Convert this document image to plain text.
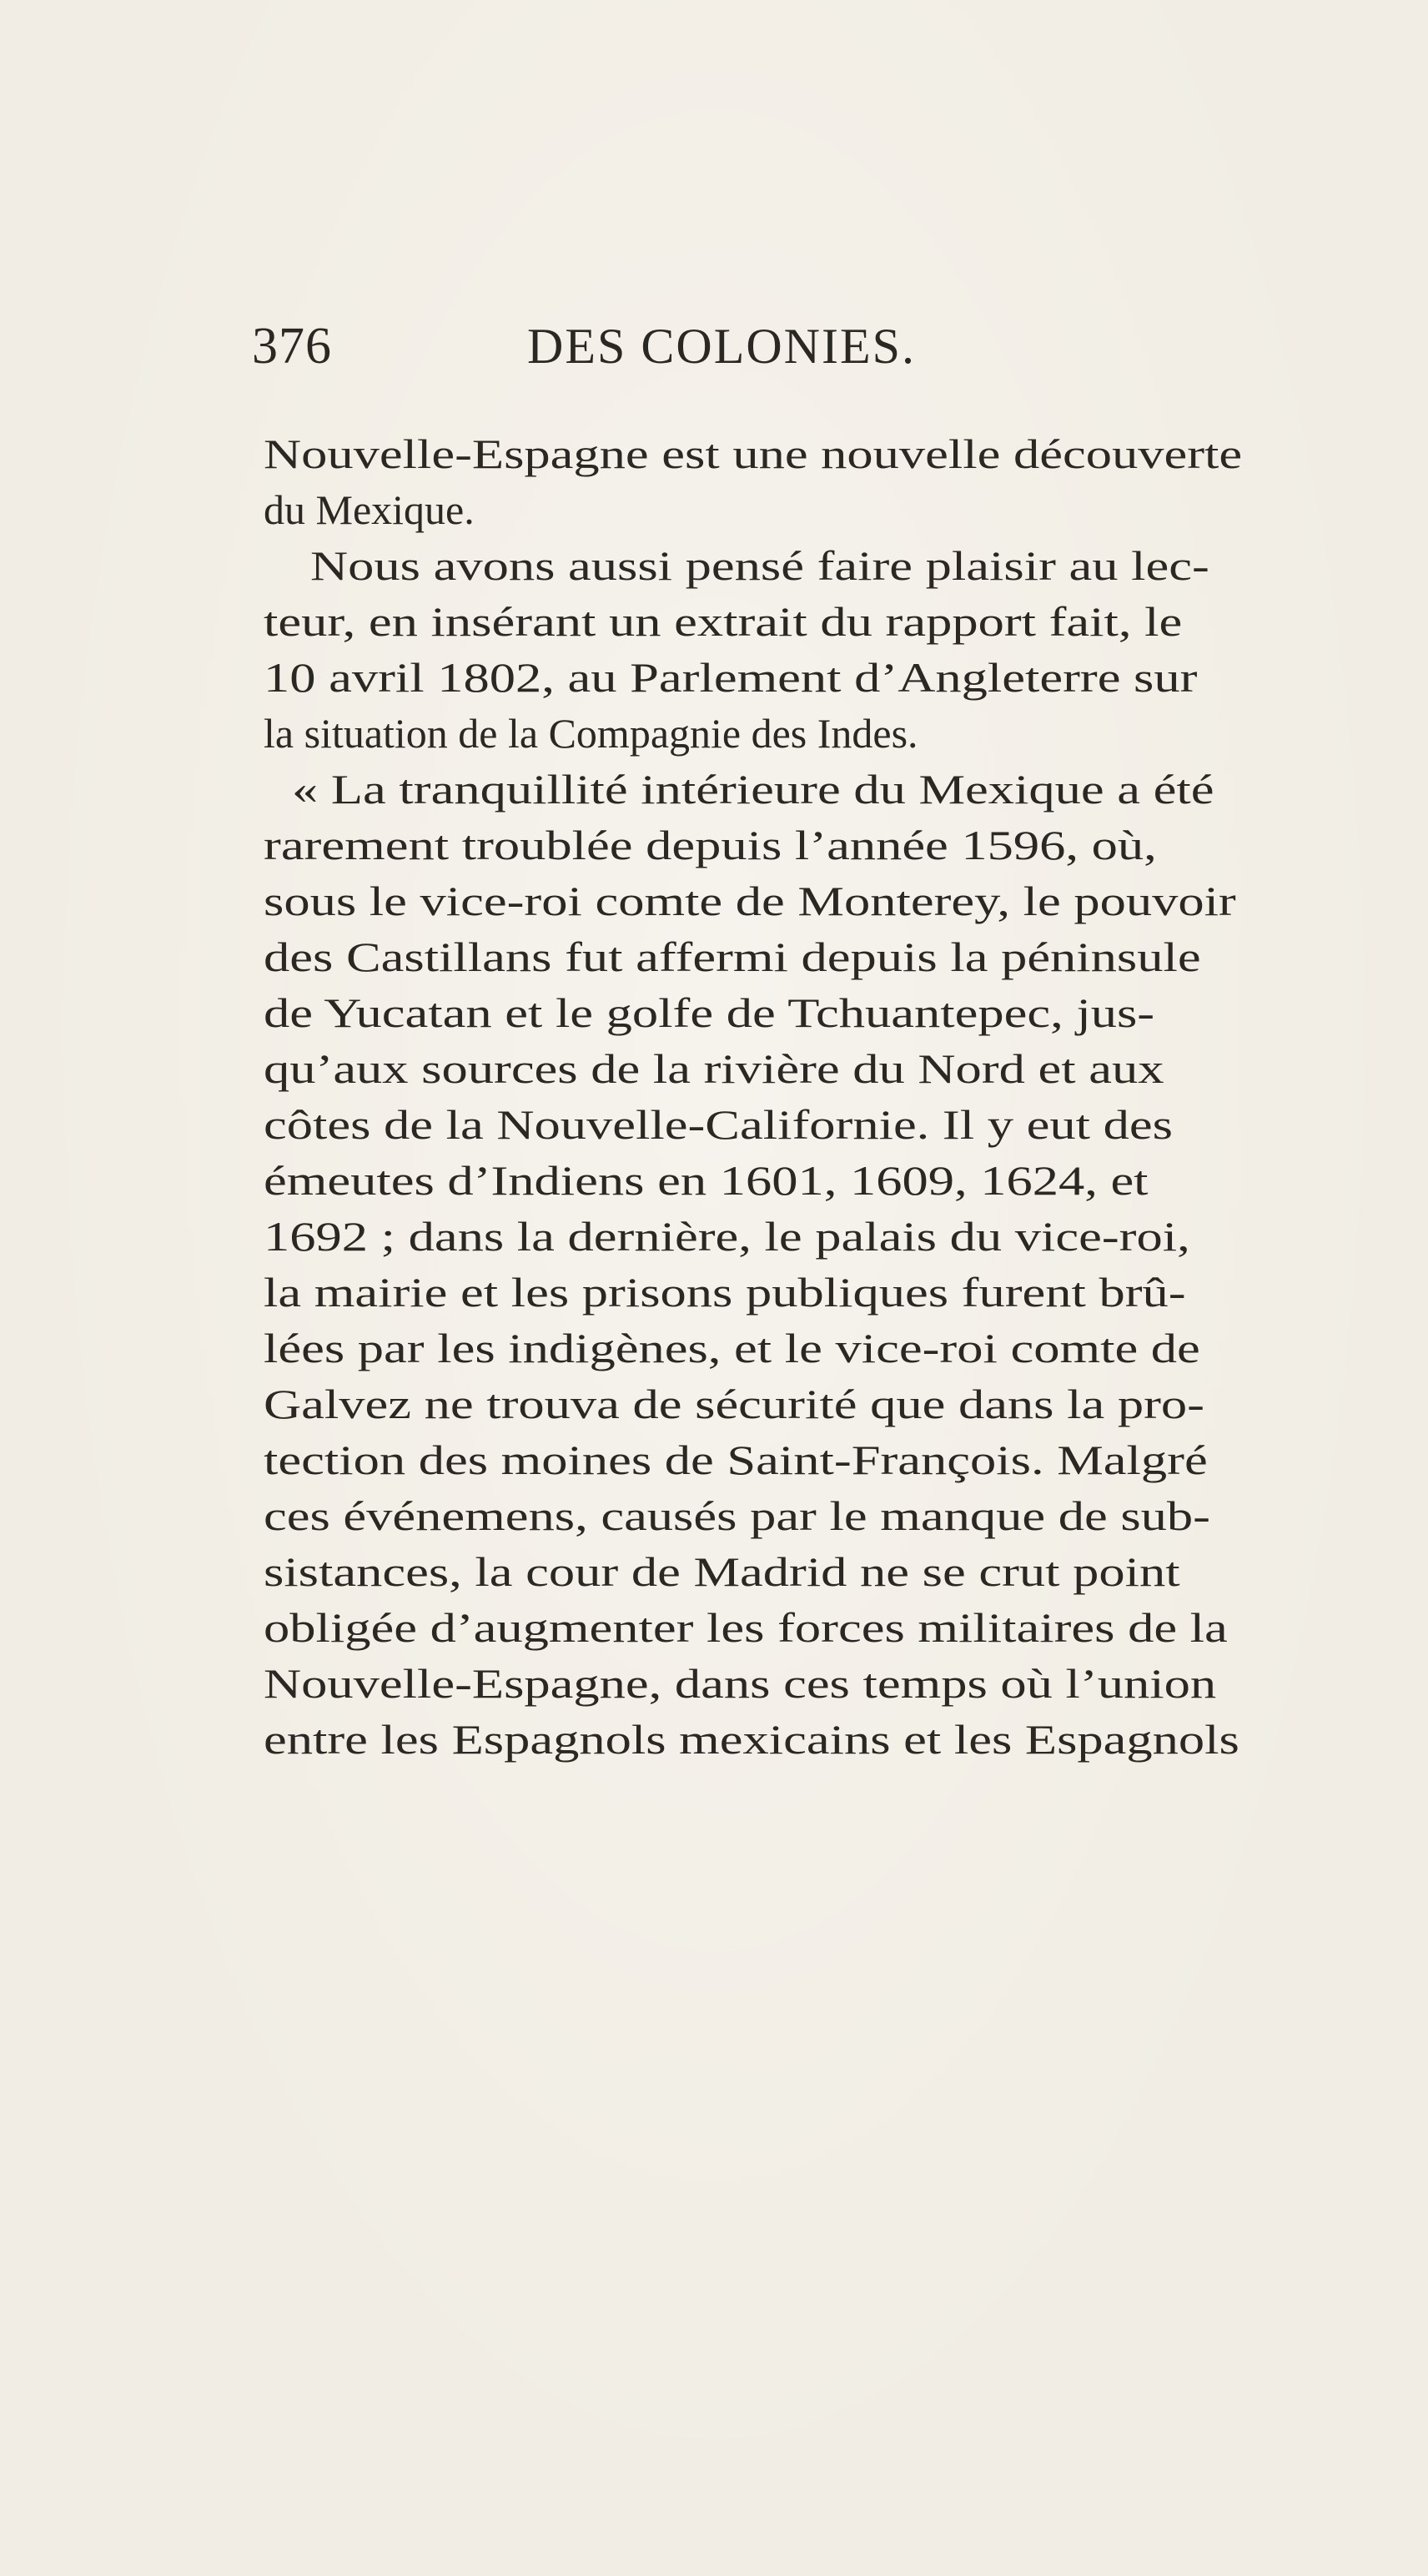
376	DES COLONIES.
Nouvelle-Espagne est une nouvelle découverte
du Mexique.
Nous avons aussi pensé faire plaisir au lec-
teur, en insérant un extrait du rapport fait, le
10 avril 1802, au Parlement d’Angleterre sur
la situation de la Compagnie des Indes.
« La tranquillité intérieure du Mexique a été
rarement troublée depuis l’année 1596, où,
sous le vice-roi comte de Monterey, le pouvoir
des Castillans fut affermi depuis la péninsule
de Yucatan et le golfe de Tchuantepec, jus-
qu’aux sources de la rivière du Nord et aux
côtes de la Nouvelle-Californie. Il y eut des
émeutes d’Indiens en 1601, 1609, 1624, et
1692 ; dans la dernière, le palais du vice-roi,
la mairie et les prisons publiques furent brû-
lées par les indigènes, et le vice-roi comte de
Galvez ne trouva de sécurité que dans la pro-
tection des moines de Saint-François. Malgré
ces événemens, causés par le manque de sub-
sistances, la cour de Madrid ne se crut point
obligée d’augmenter les forces militaires de la
Nouvelle-Espagne, dans ces temps où l’union
entre les Espagnols mexicains et les Espagnols
